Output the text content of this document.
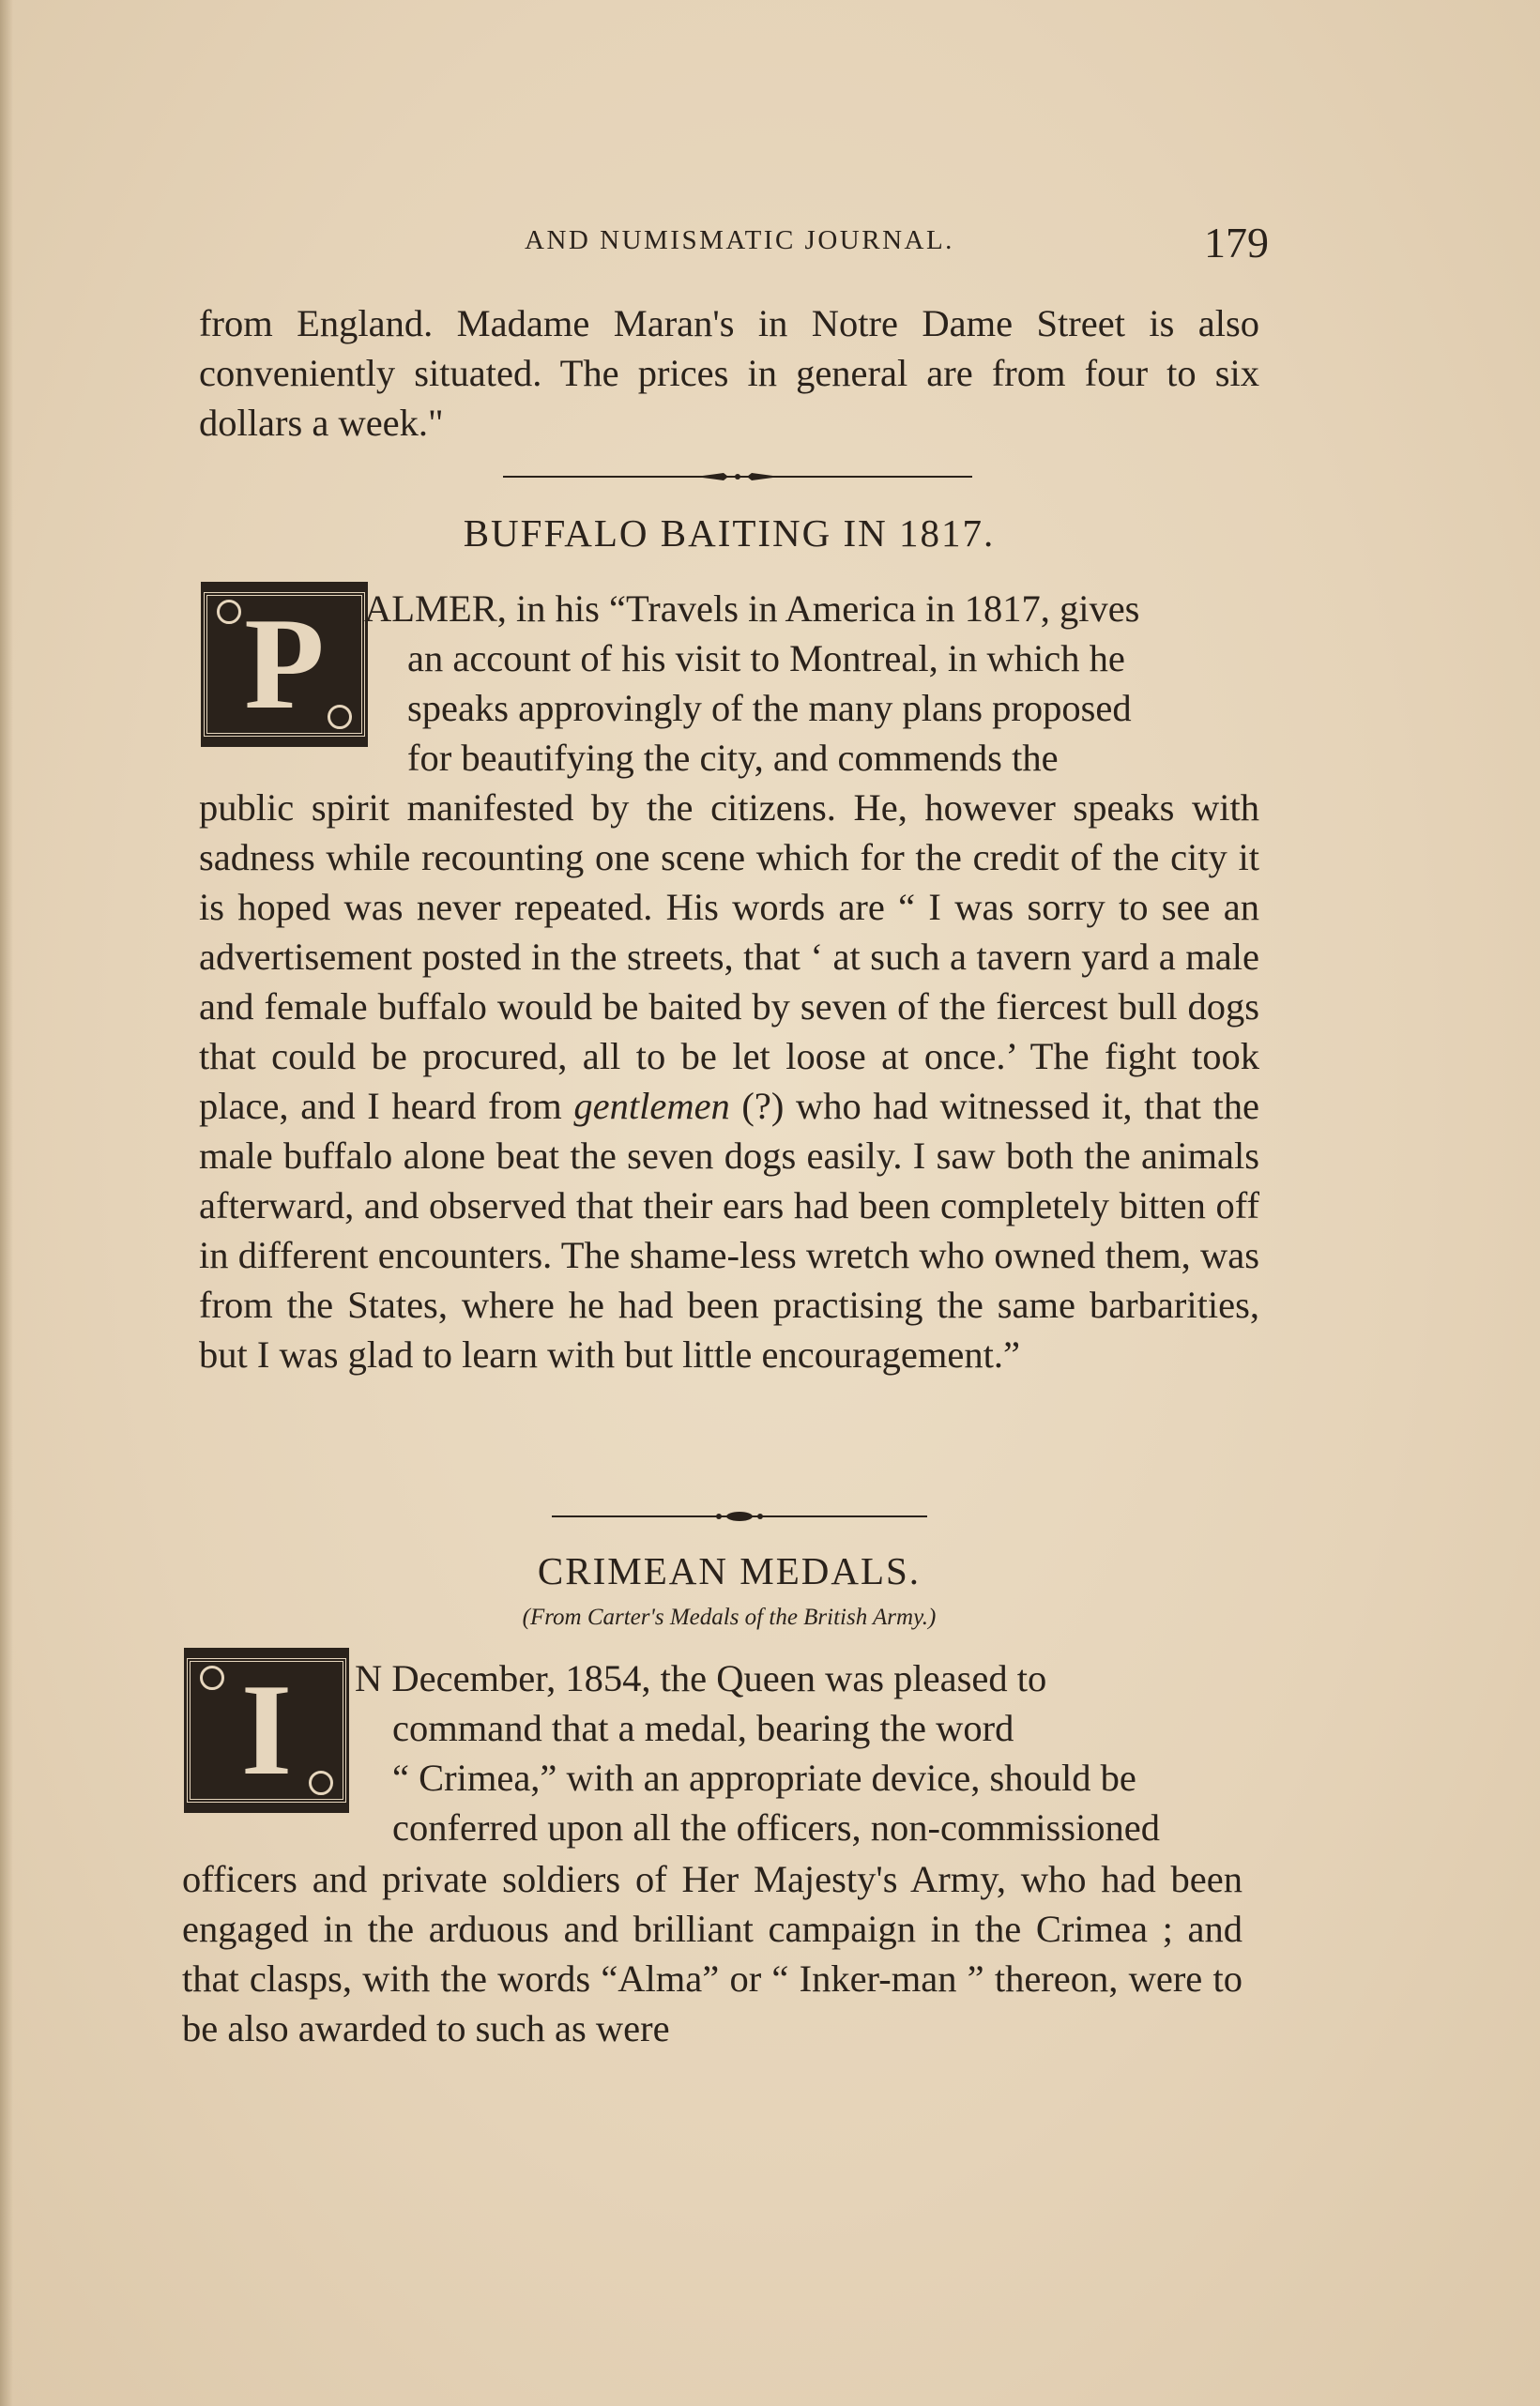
AND NUMISMATIC JOURNAL.	179

from England. Madame Maran's in Notre Dame Street is also conveniently situated. The prices in general are from four to six dollars a week."

BUFFALO BAITING IN 1817.
P	ALMER, in his “Travels in America in 1817, gives

an account of his visit to Montreal, in which he

speaks approvingly of the many plans proposed

for beautifying the city, and commends the

public spirit manifested by the citizens. He, however speaks with sadness while recounting one scene which for the credit of the city it is hoped was never repeated. His words are “ I was sorry to see an advertisement posted in the streets, that ‘ at such a tavern yard a male and female buffalo would be baited by seven of the fiercest bull dogs that could be procured, all to be let loose at once.’ The fight took place, and I heard from gentlemen (?) who had witnessed it, that the male buffalo alone beat the seven dogs easily. I saw both the animals afterward, and observed that their ears had been completely bitten off in different encounters. The shame-less wretch who owned them, was from the States, where he had been practising the same barbarities, but I was glad to learn with but little encouragement.”

CRIMEAN MEDALS.
(From Carter's Medals of the British Army.)
I	N December, 1854, the Queen was pleased to

command that a medal, bearing the word

“ Crimea,” with an appropriate device, should be

conferred upon all the officers, non-commissioned

officers and private soldiers of Her Majesty's Army, who had been engaged in the arduous and brilliant campaign in the Crimea ; and that clasps, with the words “Alma” or “ Inker-man ” thereon, were to be also awarded to such as were
